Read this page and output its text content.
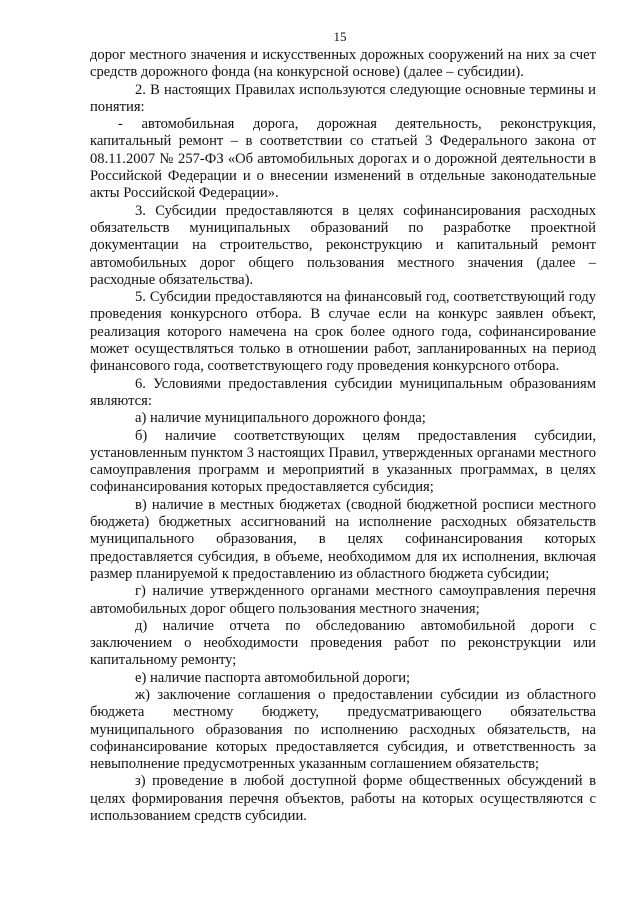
15

дорог местного значения и искусственных дорожных сооружений на них за счет средств дорожного фонда (на конкурсной основе) (далее – субсидии).

2. В настоящих Правилах используются следующие основные термины и понятия:

- автомобильная дорога, дорожная деятельность, реконструкция, капитальный ремонт – в соответствии со статьей 3 Федерального закона от 08.11.2007 № 257-ФЗ «Об автомобильных дорогах и о дорожной деятельности в Российской Федерации и о внесении изменений в отдельные законодательные акты Российской Федерации».

3. Субсидии предоставляются в целях софинансирования расходных обязательств муниципальных образований по разработке проектной документации на строительство, реконструкцию и капитальный ремонт автомобильных дорог общего пользования местного значения (далее – расходные обязательства).

5. Субсидии предоставляются на финансовый год, соответствующий году проведения конкурсного отбора. В случае если на конкурс заявлен объект, реализация которого намечена на срок более одного года, софинансирование может осуществляться только в отношении работ, запланированных на период финансового года, соответствующего году проведения конкурсного отбора.

6. Условиями предоставления субсидии муниципальным образованиям являются:

а) наличие муниципального дорожного фонда;

б) наличие соответствующих целям предоставления субсидии, установленным пунктом 3 настоящих Правил, утвержденных органами местного самоуправления программ и мероприятий в указанных программах, в целях софинансирования которых предоставляется субсидия;

в) наличие в местных бюджетах (сводной бюджетной росписи местного бюджета) бюджетных ассигнований на исполнение расходных обязательств муниципального образования, в целях софинансирования которых предоставляется субсидия, в объеме, необходимом для их исполнения, включая размер планируемой к предоставлению из областного бюджета субсидии;

г) наличие утвержденного органами местного самоуправления перечня автомобильных дорог общего пользования местного значения;

д) наличие отчета по обследованию автомобильной дороги с заключением о необходимости проведения работ по реконструкции или капитальному ремонту;

е) наличие паспорта автомобильной дороги;

ж) заключение соглашения о предоставлении субсидии из областного бюджета местному бюджету, предусматривающего обязательства муниципального образования по исполнению расходных обязательств, на софинансирование которых предоставляется субсидия, и ответственность за невыполнение предусмотренных указанным соглашением обязательств;

з) проведение в любой доступной форме общественных обсуждений в целях формирования перечня объектов, работы на которых осуществляются с использованием средств субсидии.
